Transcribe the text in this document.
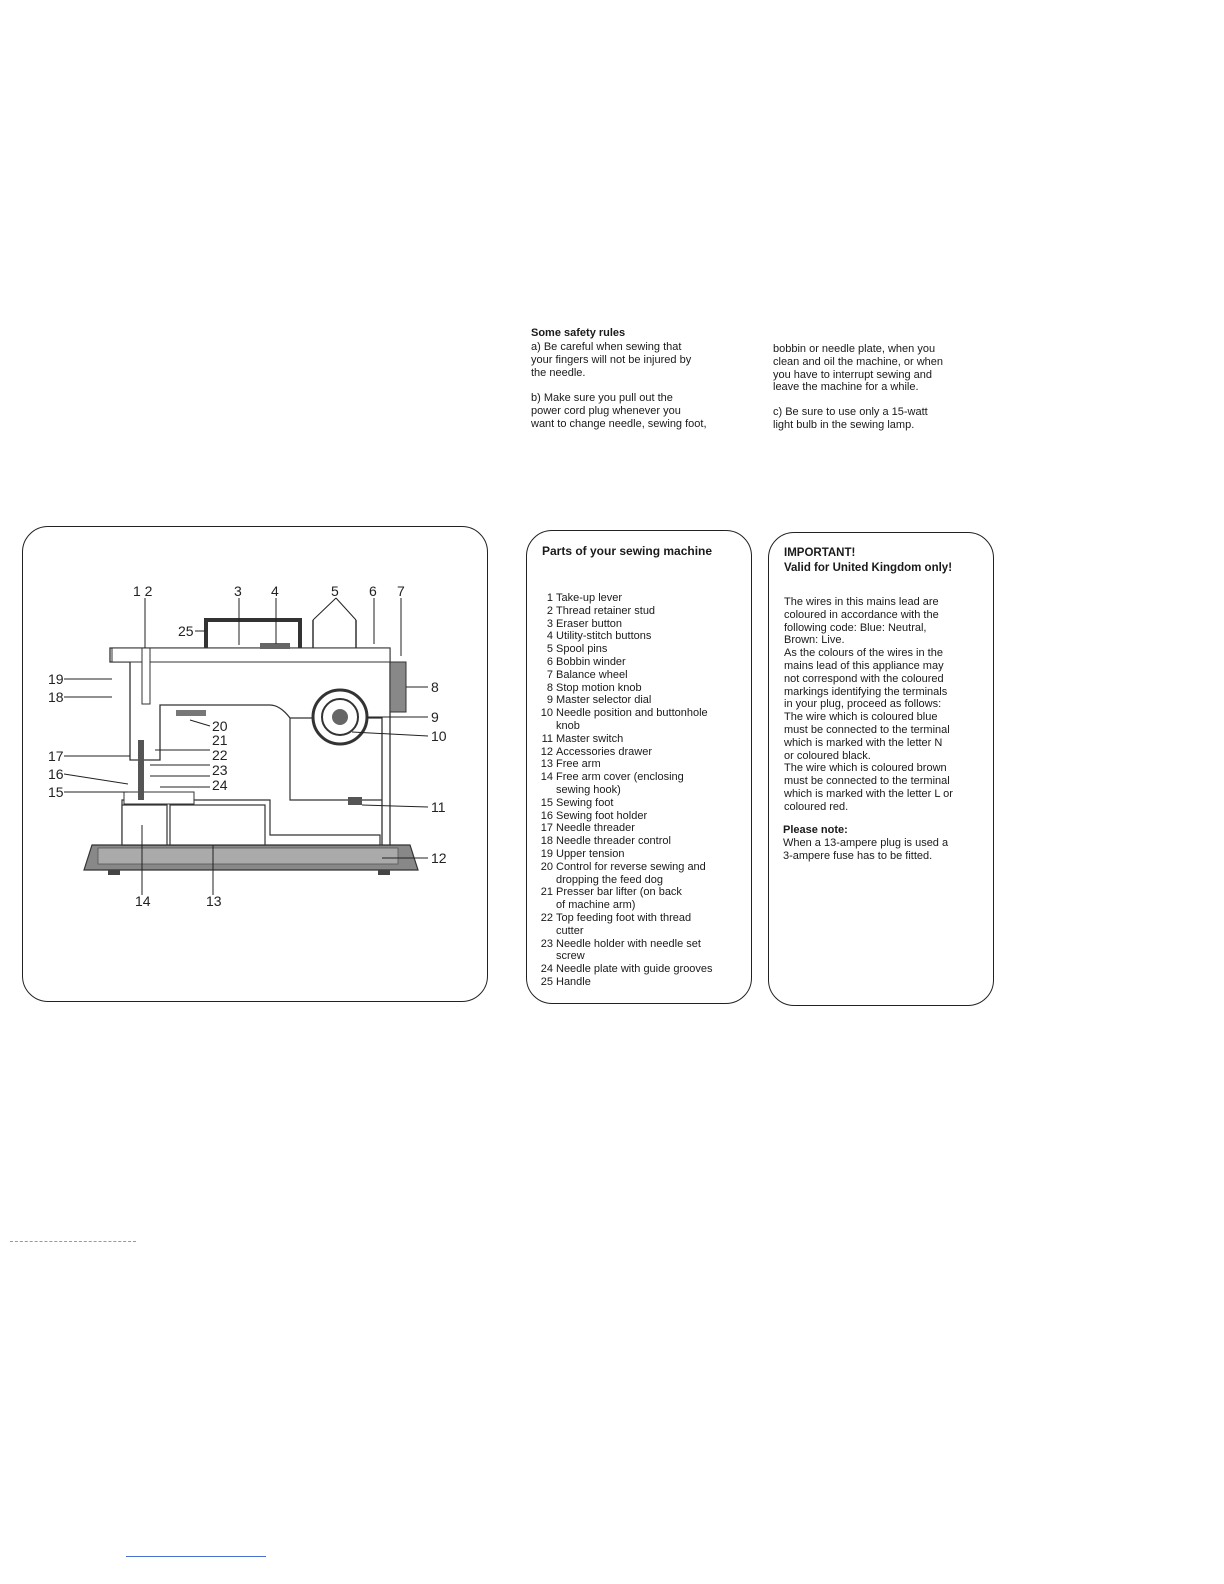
Some safety rules
a) Be careful when sewing that
your fingers will not be injured by
the needle.
b) Make sure you pull out the
power cord plug whenever you
want to change needle, sewing foot,
bobbin or needle plate, when you
clean and oil the machine, or when
you have to interrupt sewing and
leave the machine for a while.
c) Be sure to use only a 15-watt
light bulb in the sewing lamp.
1 2	3 4	5 6 7
8
9
10
11
12
13
14
15
16
17
18
19
20
21
22
23
24
25
Parts of your sewing machine
1 Take-up lever
2 Thread retainer stud
3 Eraser button
4 Utility-stitch buttons
5 Spool pins
6 Bobbin winder
7 Balance wheel
8 Stop motion knob
9 Master selector dial
10 Needle position and buttonhole
knob
11 Master switch
12 Accessories drawer
13 Free arm
14 Free arm cover (enclosing
sewing hook)
15 Sewing foot
16 Sewing foot holder
17 Needle threader
18 Needle threader control
19 Upper tension
20 Control for reverse sewing and
dropping the feed dog
21 Presser bar lifter (on back
of machine arm)
22 Top feeding foot with thread
cutter
23 Needle holder with needle set
screw
24 Needle plate with guide grooves
25 Handle
IMPORTANT!
Valid for United Kingdom only!
The wires in this mains lead are
coloured in accordance with the
following code: Blue: Neutral,
Brown: Live.
As the colours of the wires in the
mains lead of this appliance may
not correspond with the coloured
markings identifying the terminals
in your plug, proceed as follows:
The wire which is coloured blue
must be connected to the terminal
which is marked with the letter N
or coloured black.
The wire which is coloured brown
must be connected to the terminal
which is marked with the letter L or
coloured red.
Please note:
When a 13-ampere plug is used a
3-ampere fuse has to be fitted.
